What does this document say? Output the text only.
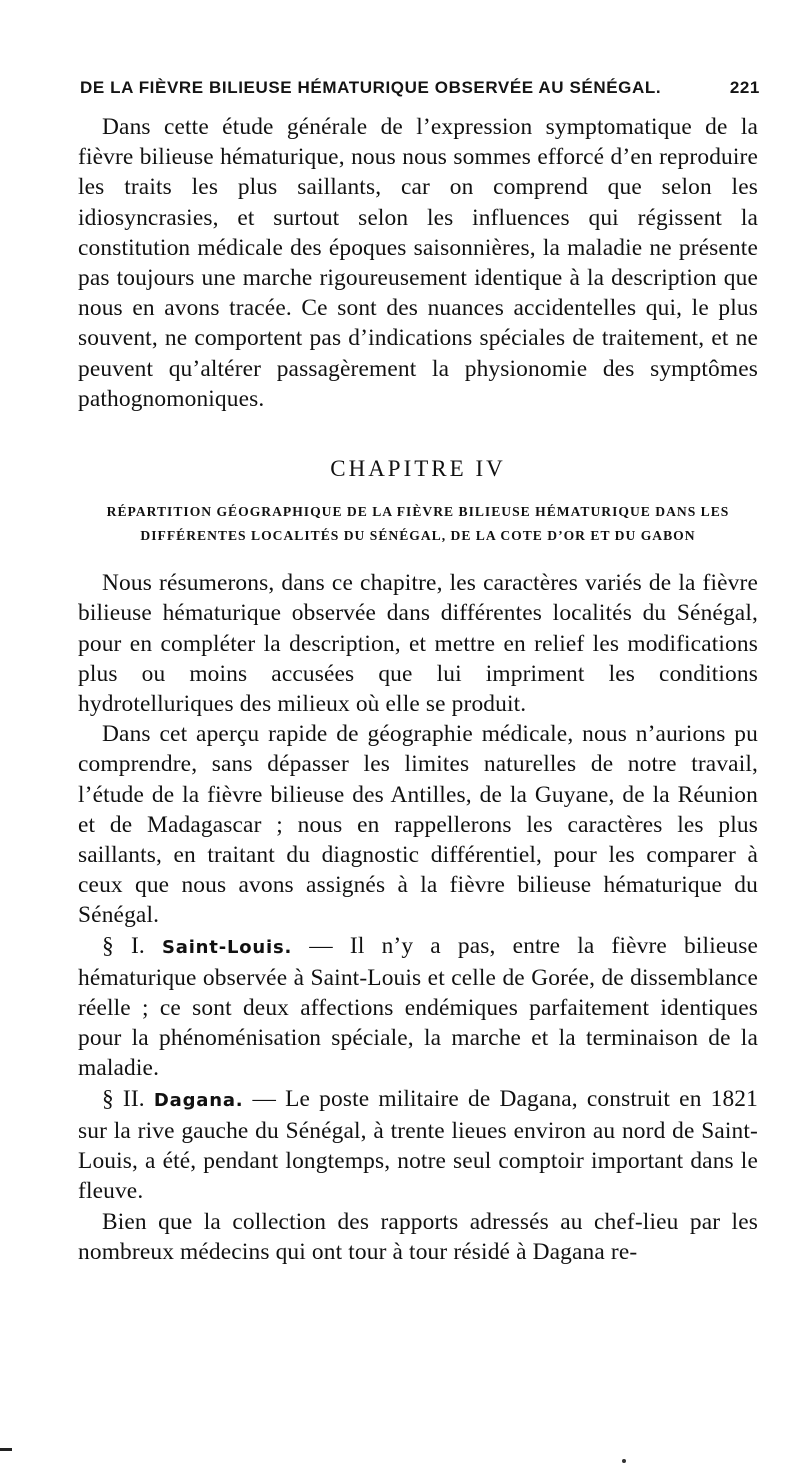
DE LA FIÈVRE BILIEUSE HÉMATURIQUE OBSERVÉE AU SÉNÉGAL.	221

Dans cette étude générale de l’expression symptomatique de la fièvre bilieuse hématurique, nous nous sommes efforcé d’en reproduire les traits les plus saillants, car on comprend que selon les idiosyncrasies, et surtout selon les influences qui régissent la constitution médicale des époques saisonnières, la maladie ne présente pas toujours une marche rigoureusement identique à la description que nous en avons tracée. Ce sont des nuances accidentelles qui, le plus souvent, ne comportent pas d’indications spéciales de traitement, et ne peuvent qu’altérer passagèrement la physionomie des symptômes pathognomoniques.

CHAPITRE IV

RÉPARTITION GÉOGRAPHIQUE DE LA FIÈVRE BILIEUSE HÉMATURIQUE DANS LES DIFFÉRENTES LOCALITÉS DU SÉNÉGAL, DE LA COTE D’OR ET DU GABON

Nous résumerons, dans ce chapitre, les caractères variés de la fièvre bilieuse hématurique observée dans différentes localités du Sénégal, pour en compléter la description, et mettre en relief les modifications plus ou moins accusées que lui impriment les conditions hydrotelluriques des milieux où elle se produit.

Dans cet aperçu rapide de géographie médicale, nous n’aurions pu comprendre, sans dépasser les limites naturelles de notre travail, l’étude de la fièvre bilieuse des Antilles, de la Guyane, de la Réunion et de Madagascar ; nous en rappellerons les caractères les plus saillants, en traitant du diagnostic différentiel, pour les comparer à ceux que nous avons assignés à la fièvre bilieuse hématurique du Sénégal.

§ I. Saint-Louis. — Il n’y a pas, entre la fièvre bilieuse hématurique observée à Saint-Louis et celle de Gorée, de dissemblance réelle ; ce sont deux affections endémiques parfaitement identiques pour la phénoménisation spéciale, la marche et la terminaison de la maladie.

§ II. Dagana. — Le poste militaire de Dagana, construit en 1821 sur la rive gauche du Sénégal, à trente lieues environ au nord de Saint-Louis, a été, pendant longtemps, notre seul comptoir important dans le fleuve.

Bien que la collection des rapports adressés au chef-lieu par les nombreux médecins qui ont tour à tour résidé à Dagana re-
